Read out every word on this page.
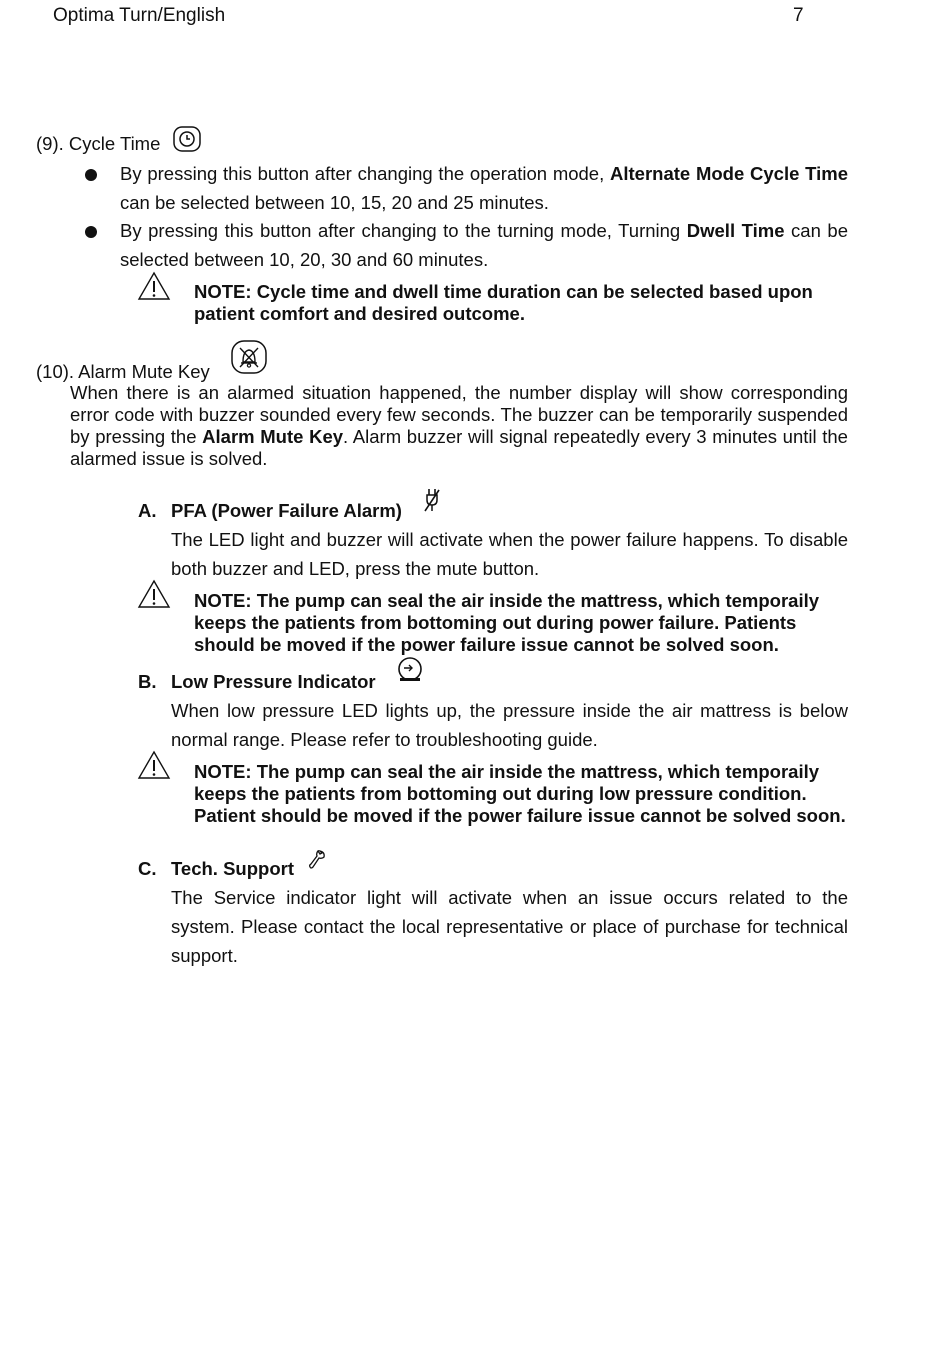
Optima Turn/English	7
(9). Cycle Time
By pressing this button after changing the operation mode, Alternate Mode Cycle Time can be selected between 10, 15, 20 and 25 minutes.
By pressing this button after changing to the turning mode, Turning Dwell Time can be selected between 10, 20, 30 and 60 minutes.
NOTE: Cycle time and dwell time duration can be selected based upon patient comfort and desired outcome.
(10). Alarm Mute Key
When there is an alarmed situation happened, the number display will show corresponding error code with buzzer sounded every few seconds. The buzzer can be temporarily suspended by pressing the Alarm Mute Key. Alarm buzzer will signal repeatedly every 3 minutes until the alarmed issue is solved.
A. PFA (Power Failure Alarm)
The LED light and buzzer will activate when the power failure happens. To disable both buzzer and LED, press the mute button.
NOTE: The pump can seal the air inside the mattress, which temporaily keeps the patients from bottoming out during power failure. Patients should be moved if the power failure issue cannot be solved soon.
B. Low Pressure Indicator
When low pressure LED lights up, the pressure inside the air mattress is below normal range. Please refer to troubleshooting guide.
NOTE: The pump can seal the air inside the mattress, which temporaily keeps the patients from bottoming out during low pressure condition. Patient should be moved if the power failure issue cannot be solved soon.
C. Tech. Support
The Service indicator light will activate when an issue occurs related to the system. Please contact the local representative or place of purchase for technical support.
